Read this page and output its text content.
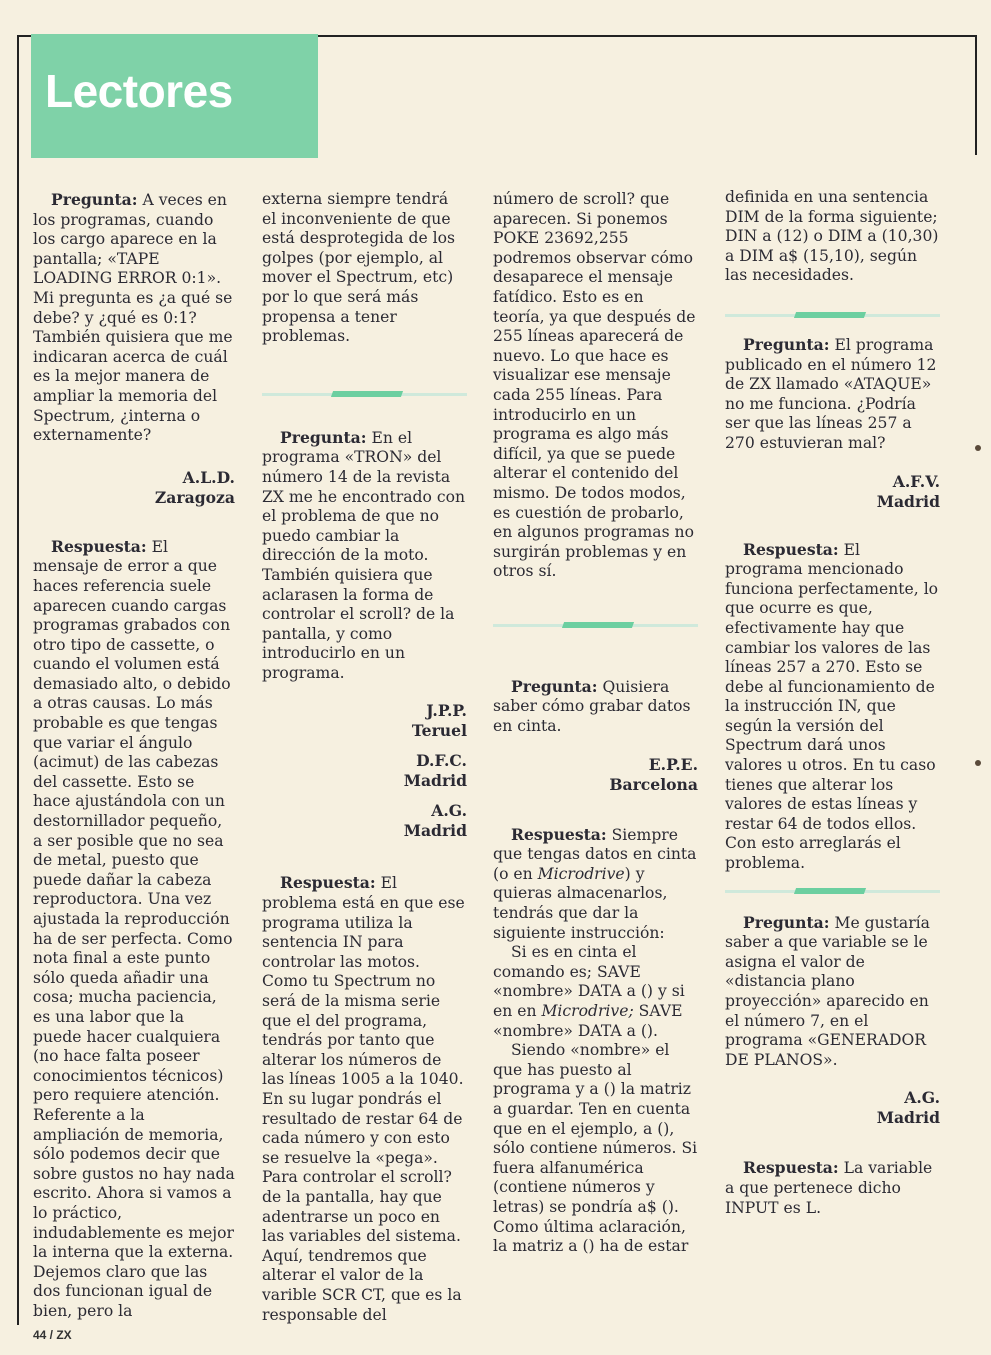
Lectores

Pregunta: A veces en los programas, cuando los cargo aparece en la pantalla; «TAPE LOADING ERROR 0:1». Mi pregunta es ¿a qué se debe? y ¿qué es 0:1? También quisiera que me indicaran acerca de cuál es la mejor manera de ampliar la memoria del Spectrum, ¿interna o externamente?

A.L.D.

Zaragoza

Respuesta: El mensaje de error a que haces referencia suele aparecen cuando cargas programas grabados con otro tipo de cassette, o cuando el volumen está demasiado alto, o debido a otras causas. Lo más probable es que tengas que variar el ángulo (acimut) de las cabezas del cassette. Esto se hace ajustándola con un destornillador pequeño, a ser posible que no sea de metal, puesto que puede dañar la cabeza reproductora. Una vez ajustada la reproducción ha de ser perfecta. Como nota final a este punto sólo queda añadir una cosa; mucha paciencia, es una labor que la puede hacer cualquiera (no hace falta poseer conocimientos técnicos) pero requiere atención. Referente a la ampliación de memoria, sólo podemos decir que sobre gustos no hay nada escrito. Ahora si vamos a lo práctico, indudablemente es mejor la interna que la externa. Dejemos claro que las dos funcionan igual de bien, pero la

externa siempre tendrá el inconveniente de que está desprotegida de los golpes (por ejemplo, al mover el Spectrum, etc) por lo que será más propensa a tener problemas.

Pregunta: En el programa «TRON» del número 14 de la revista ZX me he encontrado con el problema de que no puedo cambiar la dirección de la moto. También quisiera que aclarasen la forma de controlar el scroll? de la pantalla, y como introducirlo en un programa.

J.P.P.

Teruel

D.F.C.

Madrid

A.G.

Madrid

Respuesta: El problema está en que ese programa utiliza la sentencia IN para controlar las motos. Como tu Spectrum no será de la misma serie que el del programa, tendrás por tanto que alterar los números de las líneas 1005 a la 1040. En su lugar pondrás el resultado de restar 64 de cada número y con esto se resuelve la «pega». Para controlar el scroll? de la pantalla, hay que adentrarse un poco en las variables del sistema. Aquí, tendremos que alterar el valor de la varible SCR CT, que es la responsable del

número de scroll? que aparecen. Si ponemos POKE 23692,255 podremos observar cómo desaparece el mensaje fatídico. Esto es en teoría, ya que después de 255 líneas aparecerá de nuevo. Lo que hace es visualizar ese mensaje cada 255 líneas. Para introducirlo en un programa es algo más difícil, ya que se puede alterar el contenido del mismo. De todos modos, es cuestión de probarlo, en algunos programas no surgirán problemas y en otros sí.

Pregunta: Quisiera saber cómo grabar datos en cinta.

E.P.E.

Barcelona

Respuesta: Siempre que tengas datos en cinta (o en Microdrive) y quieras almacenarlos, tendrás que dar la siguiente instrucción:

Si es en cinta el comando es; SAVE «nombre» DATA a () y si en en Microdrive; SAVE «nombre» DATA a ().

Siendo «nombre» el que has puesto al programa y a () la matriz a guardar. Ten en cuenta que en el ejemplo, a (), sólo contiene números. Si fuera alfanumérica (contiene números y letras) se pondría a$ (). Como última aclaración, la matriz a () ha de estar

definida en una sentencia DIM de la forma siguiente; DIN a (12) o DIM a (10,30) a DIM a$ (15,10), según las necesidades.

Pregunta: El programa publicado en el número 12 de ZX llamado «ATAQUE» no me funciona. ¿Podría ser que las líneas 257 a 270 estuvieran mal?

A.F.V.

Madrid

Respuesta: El programa mencionado funciona perfectamente, lo que ocurre es que, efectivamente hay que cambiar los valores de las líneas 257 a 270. Esto se debe al funcionamiento de la instrucción IN, que según la versión del Spectrum dará unos valores u otros. En tu caso tienes que alterar los valores de estas líneas y restar 64 de todos ellos. Con esto arreglarás el problema.

Pregunta: Me gustaría saber a que variable se le asigna el valor de «distancia plano proyección» aparecido en el número 7, en el programa «GENERADOR DE PLANOS».

A.G.

Madrid

Respuesta: La variable a que pertenece dicho INPUT es L.

44 / ZX
